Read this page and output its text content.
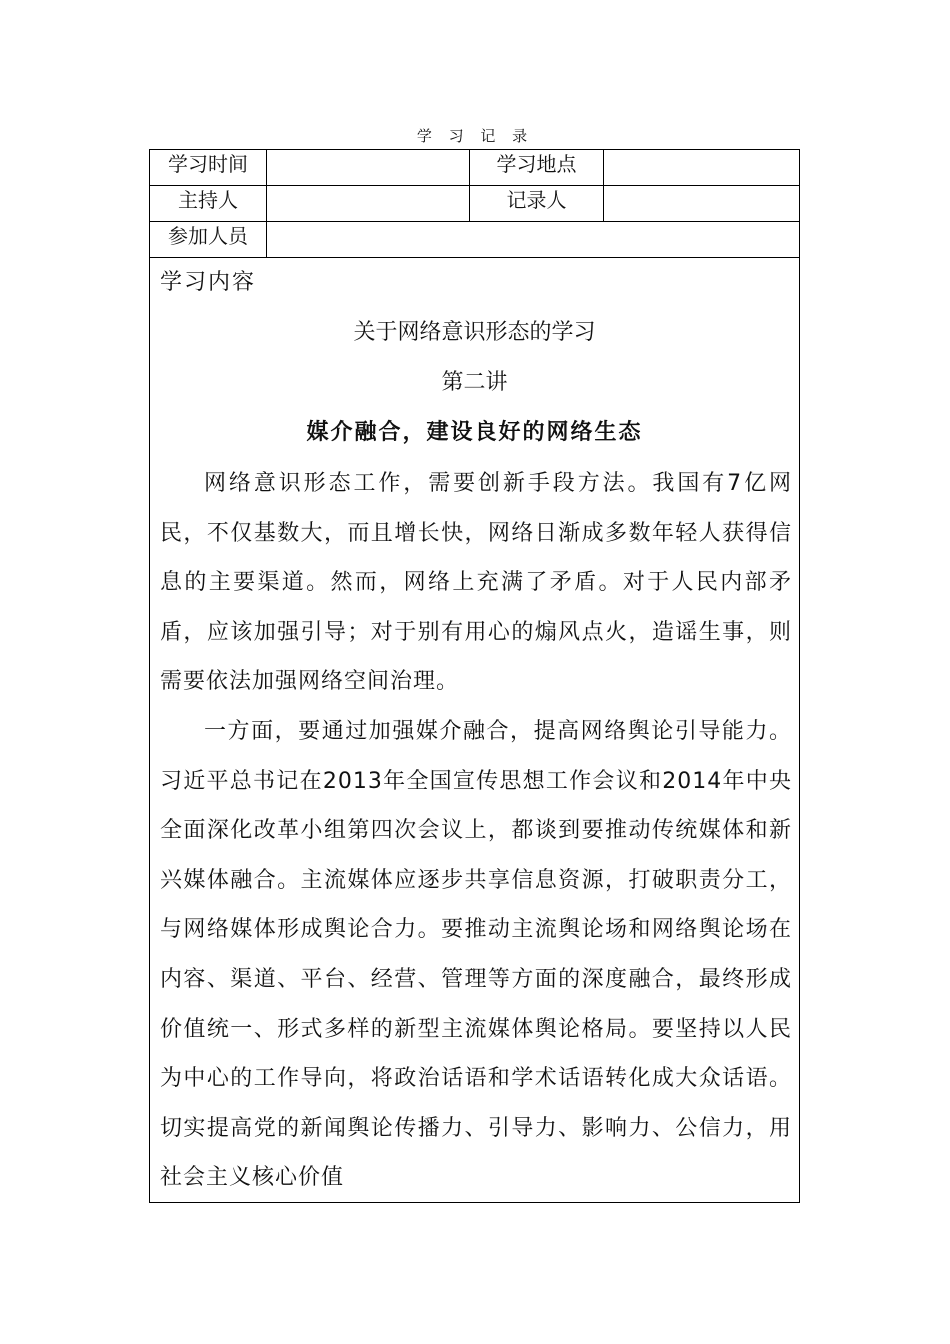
学 习 记 录
学习时间	学习地点
主持人	记录人
参加人员
学习内容
关于网络意识形态的学习
第二讲
媒介融合，建设良好的网络生态

网络意识形态工作，需要创新手段方法。我国有7亿网民，不仅基数大，而且增长快，网络日渐成多数年轻人获得信息的主要渠道。然而，网络上充满了矛盾。对于人民内部矛盾，应该加强引导；对于别有用心的煽风点火，造谣生事，则需要依法加强网络空间治理。

一方面，要通过加强媒介融合，提高网络舆论引导能力。习近平总书记在2013年全国宣传思想工作会议和2014年中央全面深化改革小组第四次会议上，都谈到要推动传统媒体和新兴媒体融合。主流媒体应逐步共享信息资源，打破职责分工，与网络媒体形成舆论合力。要推动主流舆论场和网络舆论场在内容、渠道、平台、经营、管理等方面的深度融合，最终形成价值统一、形式多样的新型主流媒体舆论格局。要坚持以人民为中心的工作导向，将政治话语和学术话语转化成大众话语。切实提高党的新闻舆论传播力、引导力、影响力、公信力，用社会主义核心价值
